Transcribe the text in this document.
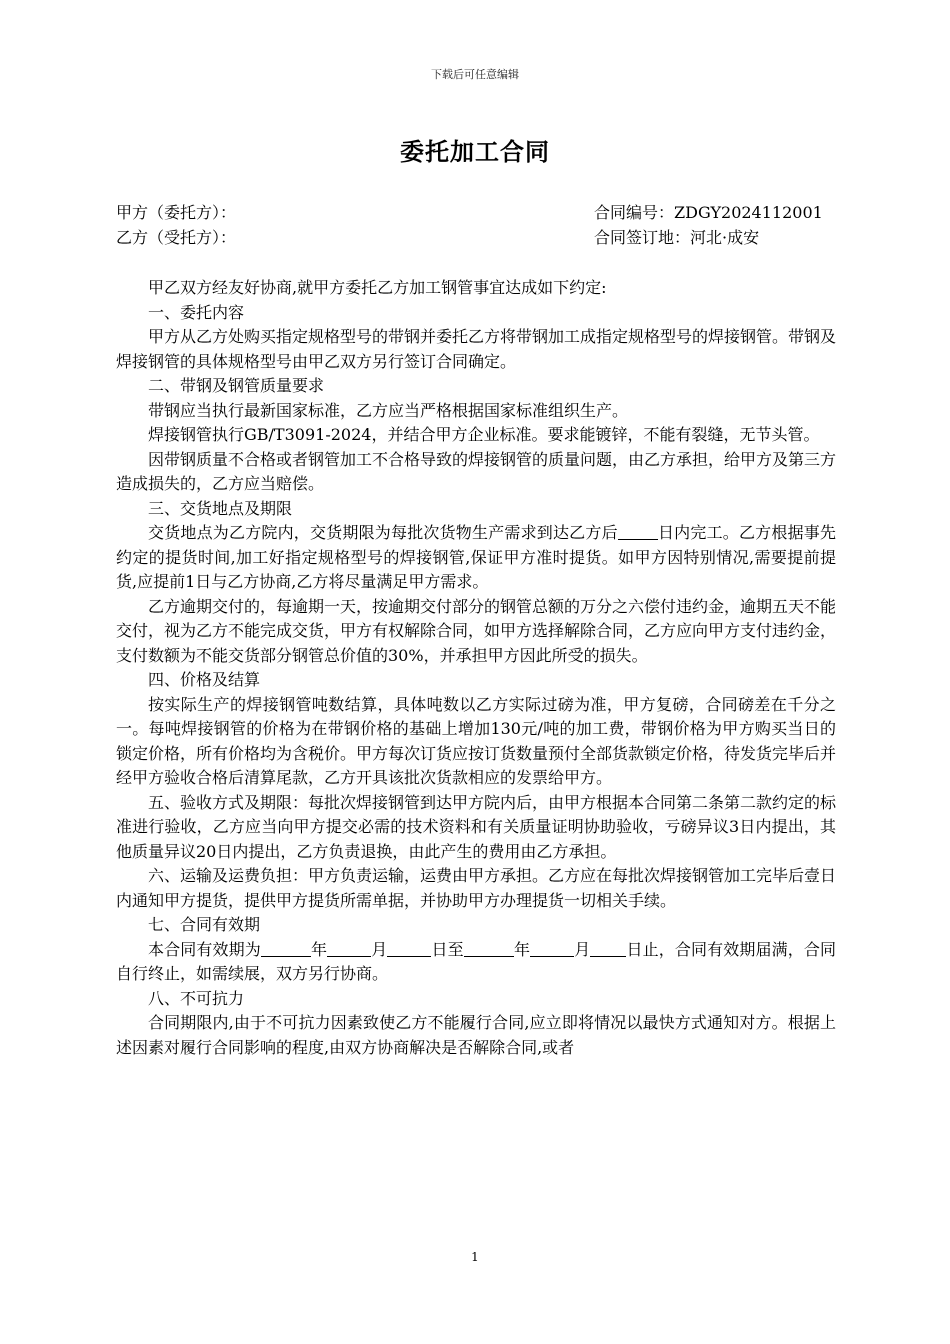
下载后可任意编辑
委托加工合同
甲方（委托方）：	合同编号：ZDGY2024112001
乙方（受托方）：	合同签订地：河北·成安

甲乙双方经友好协商,就甲方委托乙方加工钢管事宜达成如下约定:

一、委托内容

甲方从乙方处购买指定规格型号的带钢并委托乙方将带钢加工成指定规格型号的焊接钢管。带钢及焊接钢管的具体规格型号由甲乙双方另行签订合同确定。

二、带钢及钢管质量要求

带钢应当执行最新国家标准，乙方应当严格根据国家标准组织生产。

焊接钢管执行GB/T3091-2024，并结合甲方企业标准。要求能镀锌，不能有裂缝，无节头管。

因带钢质量不合格或者钢管加工不合格导致的焊接钢管的质量问题，由乙方承担，给甲方及第三方造成损失的，乙方应当赔偿。

三、交货地点及期限

交货地点为乙方院内，交货期限为每批次货物生产需求到达乙方后	日内完工。乙方根据事先约定的提货时间,加工好指定规格型号的焊接钢管,保证甲方准时提货。如甲方因特别情况,需要提前提货,应提前1日与乙方协商,乙方将尽量满足甲方需求。

乙方逾期交付的，每逾期一天，按逾期交付部分的钢管总额的万分之六偿付违约金，逾期五天不能交付，视为乙方不能完成交货，甲方有权解除合同，如甲方选择解除合同，乙方应向甲方支付违约金，支付数额为不能交货部分钢管总价值的30%，并承担甲方因此所受的损失。

四、价格及结算

按实际生产的焊接钢管吨数结算，具体吨数以乙方实际过磅为准，甲方复磅，合同磅差在千分之一。每吨焊接钢管的价格为在带钢价格的基础上增加130元/吨的加工费，带钢价格为甲方购买当日的锁定价格，所有价格均为含税价。甲方每次订货应按订货数量预付全部货款锁定价格，待发货完毕后并经甲方验收合格后清算尾款，乙方开具该批次货款相应的发票给甲方。

五、验收方式及期限：每批次焊接钢管到达甲方院内后，由甲方根据本合同第二条第二款约定的标准进行验收，乙方应当向甲方提交必需的技术资料和有关质量证明协助验收，亏磅异议3日内提出，其他质量异议20日内提出，乙方负责退换，由此产生的费用由乙方承担。

六、运输及运费负担：甲方负责运输，运费由甲方承担。乙方应在每批次焊接钢管加工完毕后壹日内通知甲方提货，提供甲方提货所需单据，并协助甲方办理提货一切相关手续。

七、合同有效期

本合同有效期为	年	月	日至	年	月 日止，合同有效期届满，合同自行终止，如需续展，双方另行协商。

八、不可抗力

合同期限内,由于不可抗力因素致使乙方不能履行合同,应立即将情况以最快方式通知对方。根据上述因素对履行合同影响的程度,由双方协商解决是否解除合同,或者

1
